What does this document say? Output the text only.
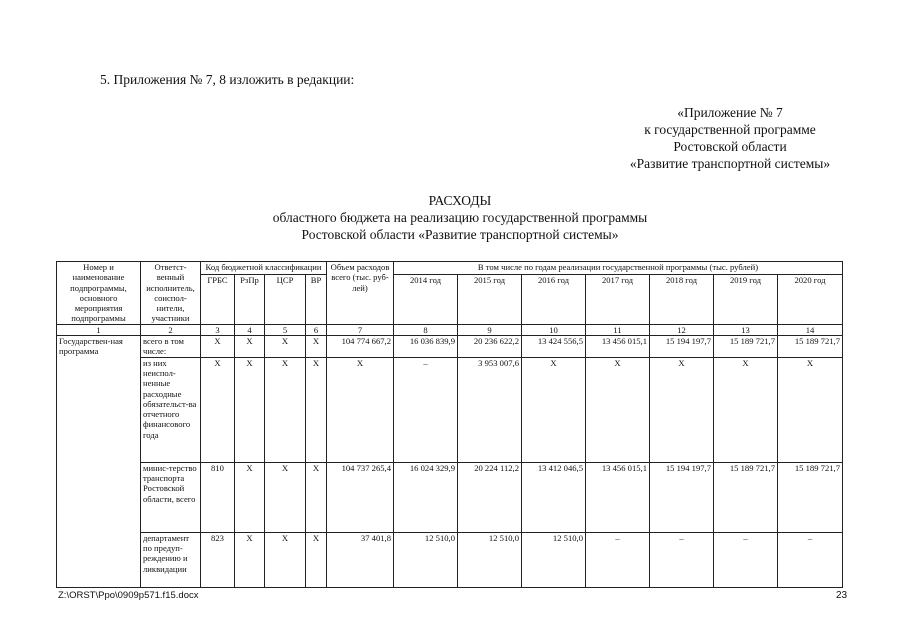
5. Приложения № 7, 8 изложить в редакции:
«Приложение № 7
к государственной программе
Ростовской области
«Развитие транспортной системы»
РАСХОДЫ
областного бюджета на реализацию государственной программы
Ростовской области «Развитие транспортной системы»
Номер и наименование подпрограммы, основного мероприятия подпрограммы	Ответст-венный исполнитель, соиспол-нители, участники	Код бюджетной классификации				Объем расходов всего (тыс. руб-лей)	В том числе по годам реализации государственной программы (тыс. рублей)						
		ГРБС	РзПр	ЦСР	ВР		2014 год	2015 год	2016 год	2017 год	2018 год	2019 год	2020 год
1	2	3	4	5	6	7	8	9	10	11	12	13	14
Государствен-ная программа	всего в том числе:	Х	Х	Х	Х	104 774 667,2	16 036 839,9	20 236 622,2	13 424 556,5	13 456 015,1	15 194 197,7	15 189 721,7	15 189 721,7
	из них неиспол-ненные расходные обязательст-ва отчетного финансового года	Х	Х	Х	Х	Х	–	3 953 007,6	Х	Х	Х	Х	Х
	минис-терство транспорта Ростовской области, всего	810	Х	Х	Х	104 737 265,4	16 024 329,9	20 224 112,2	13 412 046,5	13 456 015,1	15 194 197,7	15 189 721,7	15 189 721,7
	департамент по предуп-реждению и ликвидации	823	Х	Х	Х	37 401,8	12 510,0	12 510,0	12 510,0	–	–	–	–
Z:\ORST\Ppo\0909p571.f15.docx	23
